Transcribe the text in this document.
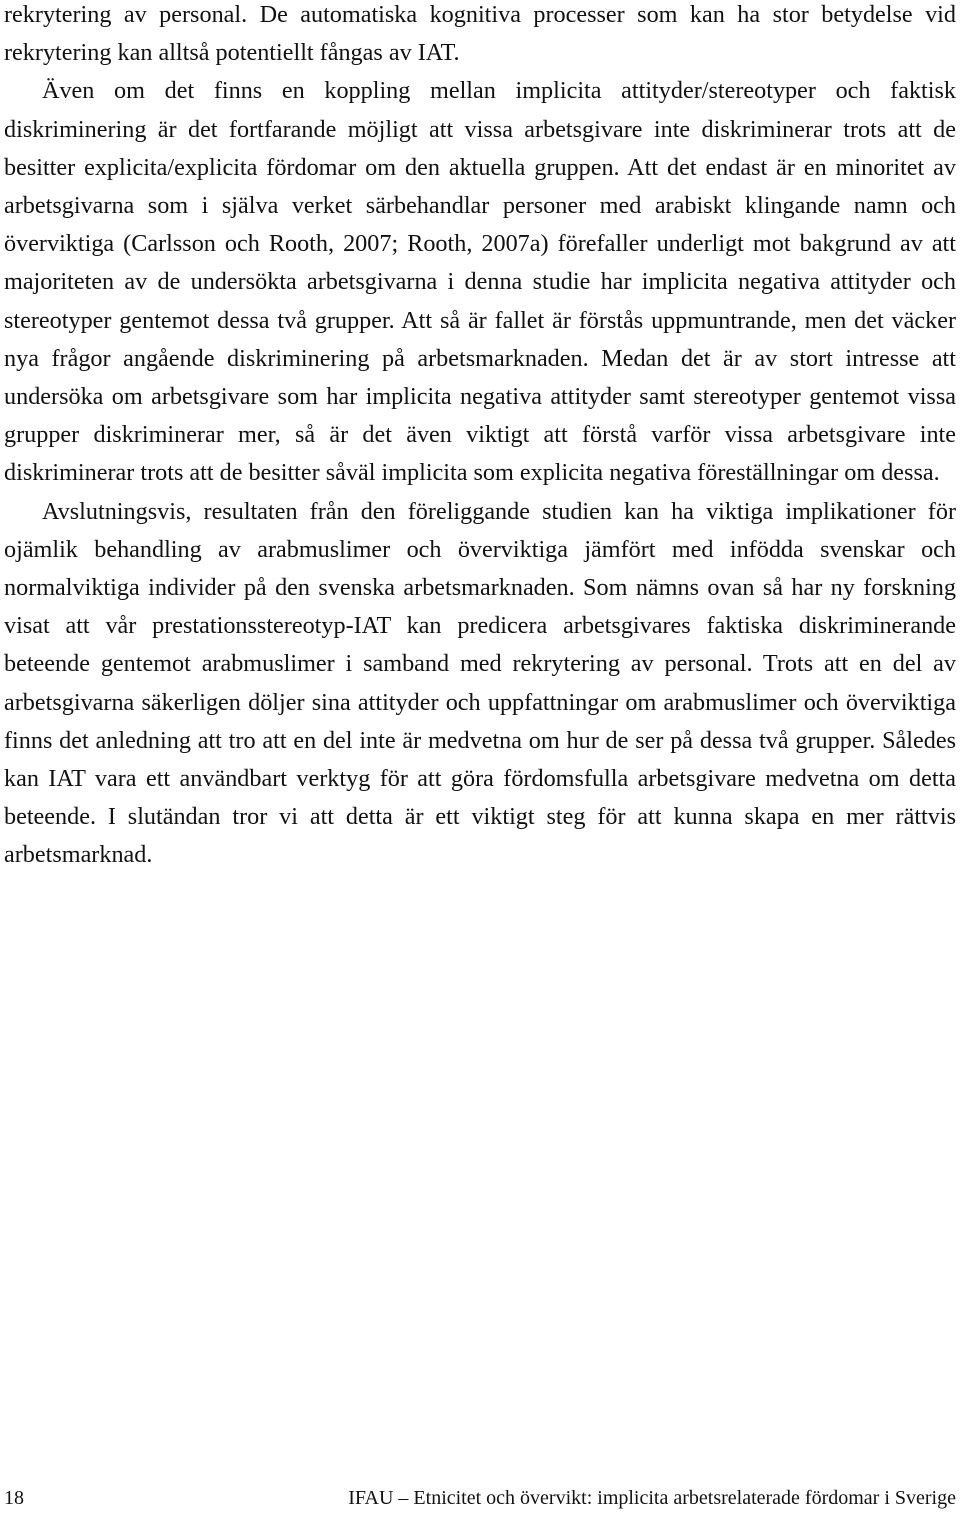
rekrytering av personal. De automatiska kognitiva processer som kan ha stor betydelse vid rekrytering kan alltså potentiellt fångas av IAT.

Även om det finns en koppling mellan implicita attityder/stereotyper och faktisk diskriminering är det fortfarande möjligt att vissa arbetsgivare inte diskriminerar trots att de besitter explicita/explicita fördomar om den aktuella gruppen. Att det endast är en minoritet av arbetsgivarna som i själva verket särbehandlar personer med arabiskt klingande namn och överviktiga (Carlsson och Rooth, 2007; Rooth, 2007a) förefaller underligt mot bakgrund av att majoriteten av de undersökta arbetsgivarna i denna studie har implicita negativa attityder och stereotyper gentemot dessa två grupper. Att så är fallet är förstås uppmuntrande, men det väcker nya frågor angående diskriminering på arbetsmarknaden. Medan det är av stort intresse att undersöka om arbetsgivare som har implicita negativa attityder samt stereotyper gentemot vissa grupper diskriminerar mer, så är det även viktigt att förstå varför vissa arbetsgivare inte diskriminerar trots att de besitter såväl implicita som explicita negativa föreställningar om dessa.

Avslutningsvis, resultaten från den föreliggande studien kan ha viktiga implikationer för ojämlik behandling av arabmuslimer och överviktiga jämfört med infödda svenskar och normalviktiga individer på den svenska arbetsmarknaden. Som nämns ovan så har ny forskning visat att vår prestationsstereotyp-IAT kan predicera arbetsgivares faktiska diskriminerande beteende gentemot arabmuslimer i samband med rekrytering av personal. Trots att en del av arbetsgivarna säkerligen döljer sina attityder och uppfattningar om arabmuslimer och överviktiga finns det anledning att tro att en del inte är medvetna om hur de ser på dessa två grupper. Således kan IAT vara ett användbart verktyg för att göra fördomsfulla arbetsgivare medvetna om detta beteende. I slutändan tror vi att detta är ett viktigt steg för att kunna skapa en mer rättvis arbetsmarknad.

18	IFAU – Etnicitet och övervikt: implicita arbetsrelaterade fördomar i Sverige
